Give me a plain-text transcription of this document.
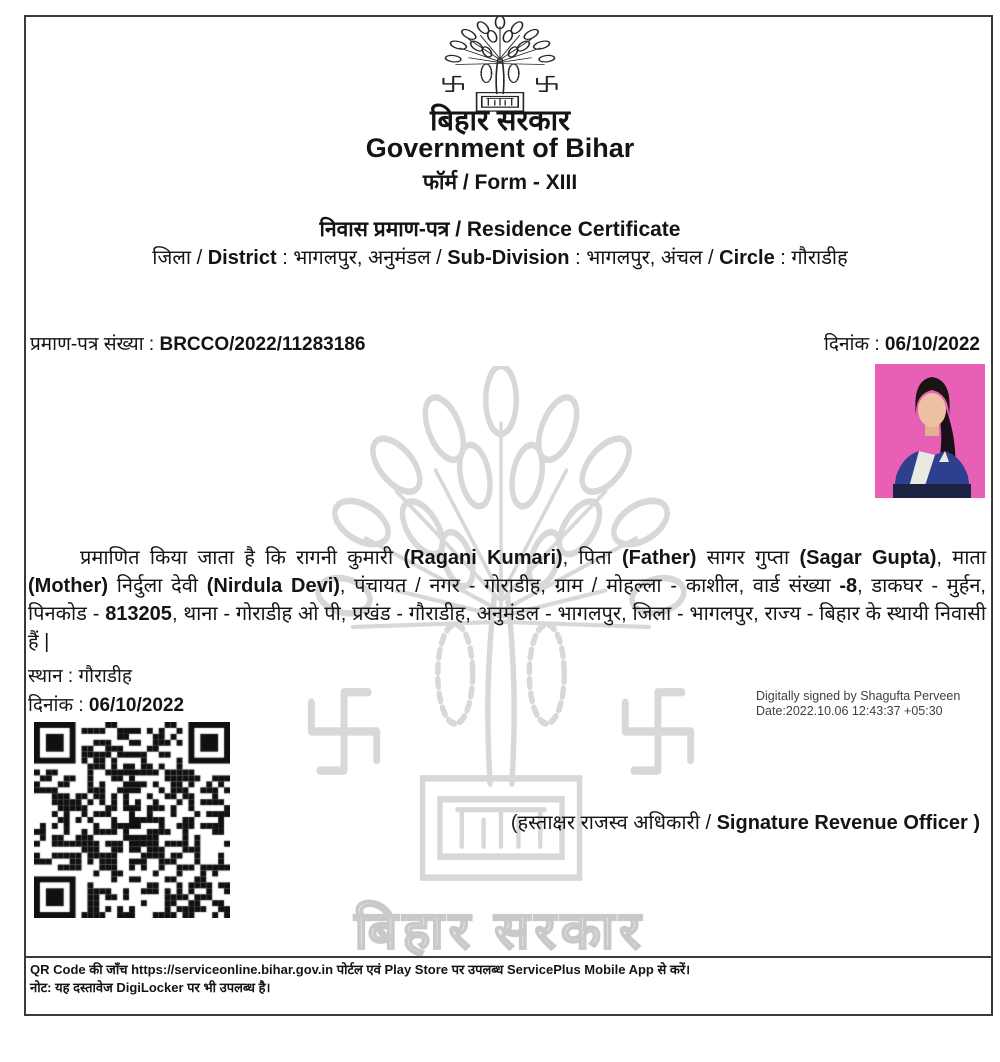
बिहार सरकार
बिहार सरकार
Government of Bihar
फॉर्म / Form - XIII
निवास प्रमाण-पत्र / Residence Certificate
जिला / District : भागलपुर, अनुमंडल / Sub-Division : भागलपुर, अंचल / Circle : गौराडीह
प्रमाण-पत्र संख्या : BRCCO/2022/11283186	दिनांक : 06/10/2022
प्रमाणित किया जाता है कि रागनी कुमारी (Ragani Kumari), पिता (Father) सागर गुप्ता (Sagar Gupta), माता (Mother) निर्दुला देवी (Nirdula Devi), पंचायत / नगर - गोराडीह, ग्राम / मोहल्ला - काशील, वार्ड संख्या -8, डाकघर - मुर्हन, पिनकोड - 813205, थाना - गोराडीह ओ पी, प्रखंड - गौराडीह, अनुमंडल - भागलपुर, जिला - भागलपुर, राज्य - बिहार के स्थायी निवासी हैं |
स्थान : गौराडीह
दिनांक : 06/10/2022	Digitally signed by Shagufta Perveen
Date:2022.10.06 12:43:37 +05:30
(हस्ताक्षर राजस्व अधिकारी / Signature Revenue Officer )
QR Code की जाँच https://serviceonline.bihar.gov.in पोर्टल एवं Play Store पर उपलब्ध ServicePlus Mobile App से करें।
नोट: यह दस्तावेज DigiLocker पर भी उपलब्ध है।
